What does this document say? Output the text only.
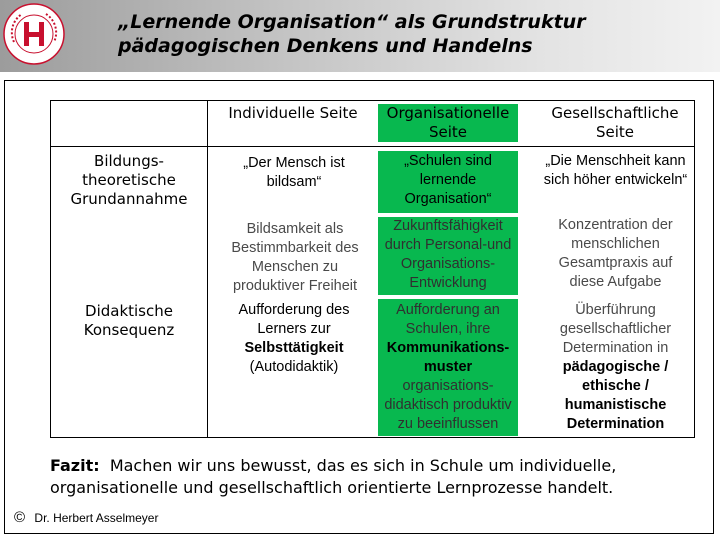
„Lernende Organisation“ als Grundstruktur pädagogischen Denkens und Handelns
Individuelle Seite	Organisationelle Seite
Gesellschaftliche Seite
Bildungs-theoretische Grundannahme
Didaktische Konsequenz
„Der Mensch ist bildsam“
„Schulen sind lernende Organisation“
„Die Menschheit kann sich höher entwickeln“
Bildsamkeit als Bestimmbarkeit des Menschen zu produktiver Freiheit
Zukunftsfähigkeit durch Personal-und Organisations-Entwicklung
Konzentration der menschlichen Gesamtpraxis auf diese Aufgabe
Aufforderung des Lerners zur
Selbsttätigkeit
(Autodidaktik)
Aufforderung an Schulen, ihre
Kommunikations-muster
organisations-didaktisch produktiv zu beeinflussen
Überführung gesellschaftlicher Determination in
pädagogische / ethische / humanistische Determination
Fazit: Machen wir uns bewusst, das es sich in Schule um individuelle, organisationelle und gesellschaftlich orientierte Lernprozesse handelt.
© Dr. Herbert Asselmeyer
